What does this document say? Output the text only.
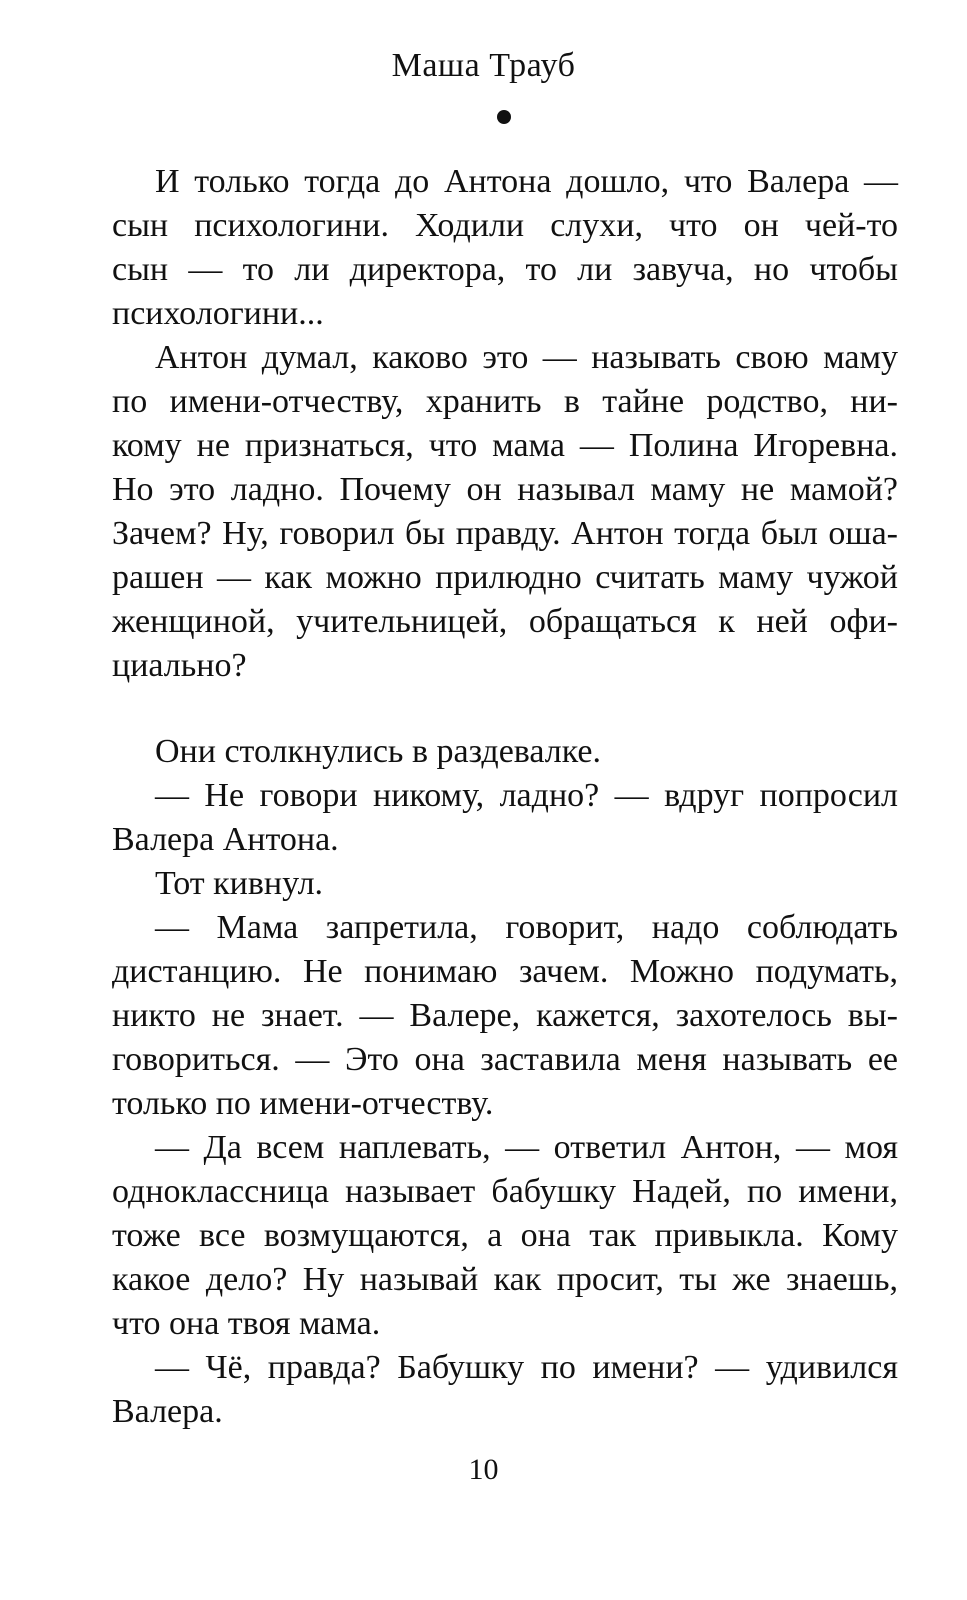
Маша Трауб
И только тогда до Антона дошло, что Валера —
сын психологини. Ходили слухи, что он чей-то
сын — то ли директора, то ли завуча, но чтобы
психологини...
Антон думал, каково это — называть свою маму
по имени-отчеству, хранить в тайне родство, ни-
кому не признаться, что мама — Полина Игоревна.
Но это ладно. Почему он называл маму не мамой?
Зачем? Ну, говорил бы правду. Антон тогда был оша-
рашен — как можно прилюдно считать маму чужой
женщиной, учительницей, обращаться к ней офи-
циально?
Они столкнулись в раздевалке.
— Не говори никому, ладно? — вдруг попросил
Валера Антона.
Тот кивнул.
— Мама запретила, говорит, надо соблюдать
дистанцию. Не понимаю зачем. Можно подумать,
никто не знает. — Валере, кажется, захотелось вы-
говориться. — Это она заставила меня называть ее
только по имени-отчеству.
— Да всем наплевать, — ответил Антон, — моя
одноклассница называет бабушку Надей, по имени,
тоже все возмущаются, а она так привыкла. Кому
какое дело? Ну называй как просит, ты же знаешь,
что она твоя мама.
— Чё, правда? Бабушку по имени? — удивился
Валера.
10
